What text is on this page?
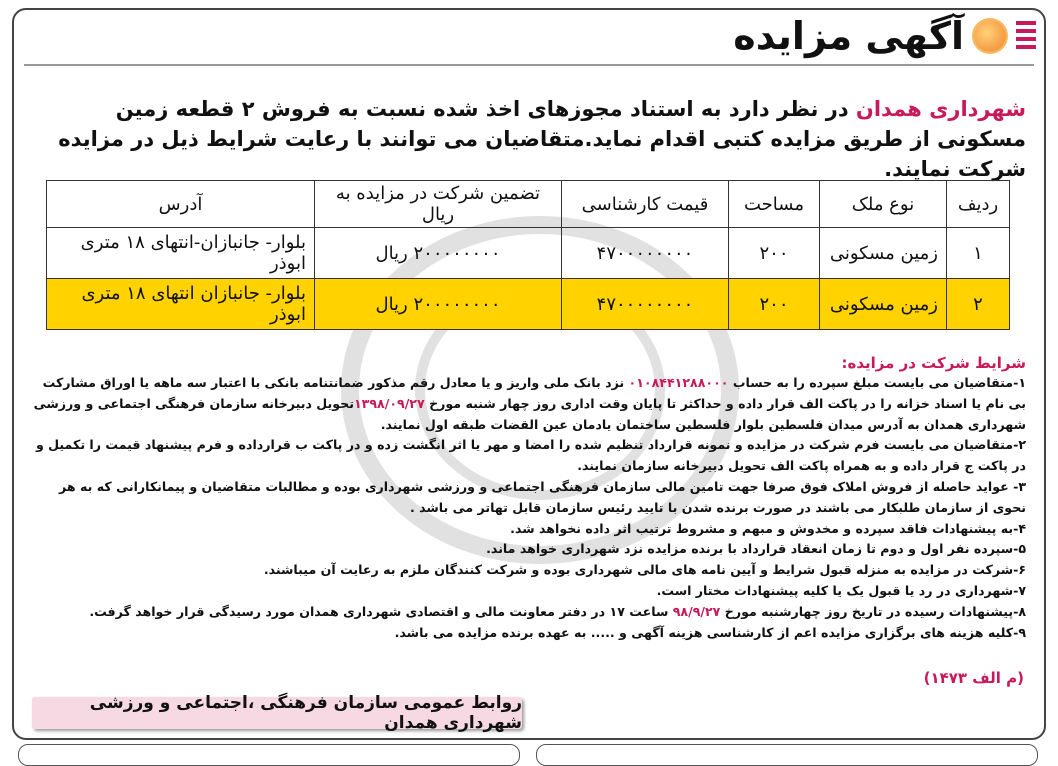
آگهی مزایده
شهرداری همدان در نظر دارد به استناد مجوزهای اخذ شده نسبت به فروش ۲ قطعه زمین مسکونی از طریق مزایده کتبی اقدام نماید.متقاضیان می توانند با رعایت شرایط ذیل در مزایده شرکت نمایند.
ردیف	نوع ملک	مساحت	قیمت کارشناسی	تضمین شرکت در مزایده به ریال	آدرس
۱	زمین مسکونی	۲۰۰	۴۷۰۰۰۰۰۰۰۰	۲۰۰۰۰۰۰۰۰ ریال	بلوار- جانبازان-انتهای ۱۸ متری ابوذر
۲	زمین مسکونی	۲۰۰	۴۷۰۰۰۰۰۰۰۰	۲۰۰۰۰۰۰۰۰ ریال	بلوار- جانبازان انتهای ۱۸ متری ابوذر
شرایط شرکت در مزایده:
۱-متقاضیان می بایست مبلغ سپرده را به حساب ۰۱۰۸۴۴۱۲۸۸۰۰۰ نزد بانک ملی واریز و یا معادل رقم مذکور ضمانتنامه بانکی با اعتبار سه ماهه یا اوراق مشارکت بی نام یا اسناد خزانه را در پاکت الف قرار داده و حداکثر تا پایان وقت اداری روز چهار شنبه مورخ ۱۳۹۸/۰۹/۲۷تحویل دبیرخانه سازمان فرهنگی اجتماعی و ورزشی شهرداری همدان به آدرس میدان فلسطین بلوار فلسطین ساختمان یادمان عین القضات طبقه اول نمایند.
۲-متقاضیان می بایست فرم شرکت در مزایده و نمونه قرارداد تنظیم شده را امضا و مهر یا اثر انگشت زده و در پاکت ب قرارداده و فرم پیشنهاد قیمت را تکمیل و در پاکت ج قرار داده و به همراه پاکت الف تحویل دبیرخانه سازمان نمایند.
۳- عواید حاصله از فروش املاک فوق صرفا جهت تامین مالی سازمان فرهنگی اجتماعی و ورزشی شهرداری بوده و مطالبات متقاضیان و پیمانکارانی که به هر نحوی از سازمان طلبکار می باشند در صورت برنده شدن با تایید رئیس سازمان قابل تهاتر می باشد .
۴-به پیشنهادات فاقد سپرده و مخدوش و مبهم و مشروط ترتیب اثر داده نخواهد شد.
۵-سپرده نفر اول و دوم تا زمان انعقاد قرارداد با برنده مزایده نزد شهرداری خواهد ماند.
۶-شرکت در مزایده به منزله قبول شرایط و آیین نامه های مالی شهرداری بوده و شرکت کنندگان ملزم به رعایت آن میباشند.
۷-شهرداری در رد یا قبول یک یا کلیه پیشنهادات مختار است.
۸-پیشنهادات رسیده در تاریخ روز چهارشنبه مورخ ۹۸/۹/۲۷ ساعت ۱۷ در دفتر معاونت مالی و اقتصادی شهرداری همدان مورد رسیدگی قرار خواهد گرفت.
۹-کلیه هزینه های برگزاری مزایده اعم از کارشناسی هزینه آگهی و ..... به عهده برنده مزایده می باشد.
(م الف ۱۴۷۳)
روابط عمومی سازمان فرهنگی ،اجتماعی و ورزشی شهرداری همدان
